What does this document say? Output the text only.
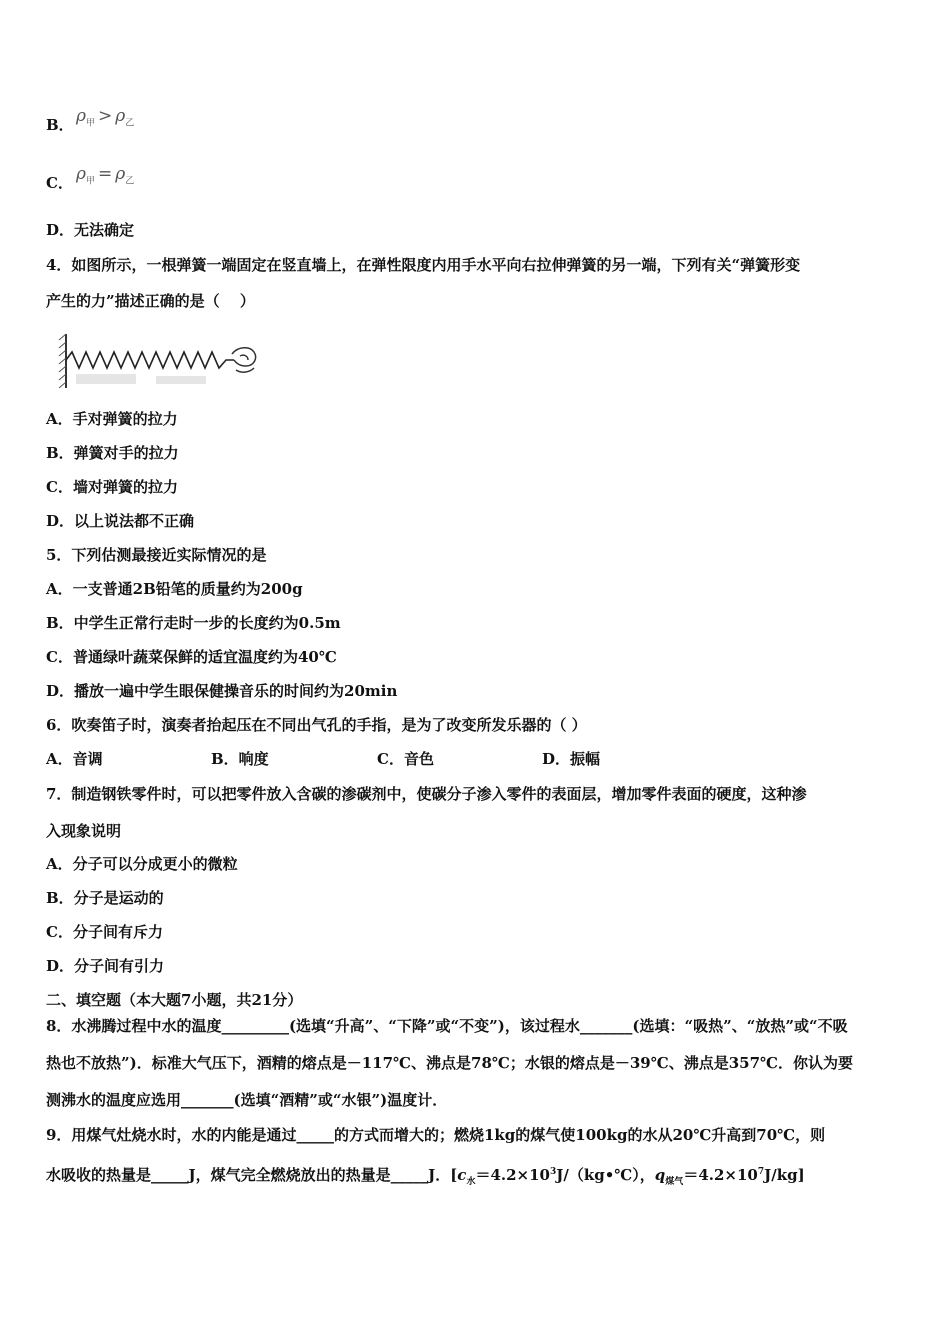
B． $\rho_甲 > \rho_乙$
C． $\rho_甲 = \rho_乙$
D．无法确定
4．如图所示，一根弹簧一端固定在竖直墙上，在弹性限度内用手水平向右拉伸弹簧的另一端，下列有关“弹簧形变
产生的力”描述正确的是（　 ）
A．手对弹簧的拉力
B．弹簧对手的拉力
C．墙对弹簧的拉力
D．以上说法都不正确
5．下列估测最接近实际情况的是
A．一支普通2B铅笔的质量约为200g
B．中学生正常行走时一步的长度约为0.5m
C．普通绿叶蔬菜保鲜的适宜温度约为40℃
D．播放一遍中学生眼保健操音乐的时间约为20min
6．吹奏笛子时，演奏者抬起压在不同出气孔的手指，是为了改变所发乐器的（ ）
A．音调	B．响度	C．音色	D．振幅
7．制造钢铁零件时，可以把零件放入含碳的渗碳剂中，使碳分子渗入零件的表面层，增加零件表面的硬度，这种渗
入现象说明
A．分子可以分成更小的微粒
B．分子是运动的
C．分子间有斥力
D．分子间有引力
二、填空题（本大题7小题，共21分）
8．水沸腾过程中水的温度_________(选填“升高”、“下降”或“不变”)，该过程水_______(选填：“吸热”、“放热”或“不吸
热也不放热”)．标准大气压下，酒精的熔点是－117℃、沸点是78℃；水银的熔点是－39℃、沸点是357℃．你认为要
测沸水的温度应选用_______(选填“酒精”或“水银”)温度计．
9．用煤气灶烧水时，水的内能是通过_____的方式而增大的；燃烧1kg的煤气使100kg的水从20℃升高到70℃，则
水吸收的热量是_____J，煤气完全燃烧放出的热量是_____J．[$c_水=4.2\times 10^3J/(kg•℃)$，$q_{煤气}=4.2\times 10^7J/kg$]
